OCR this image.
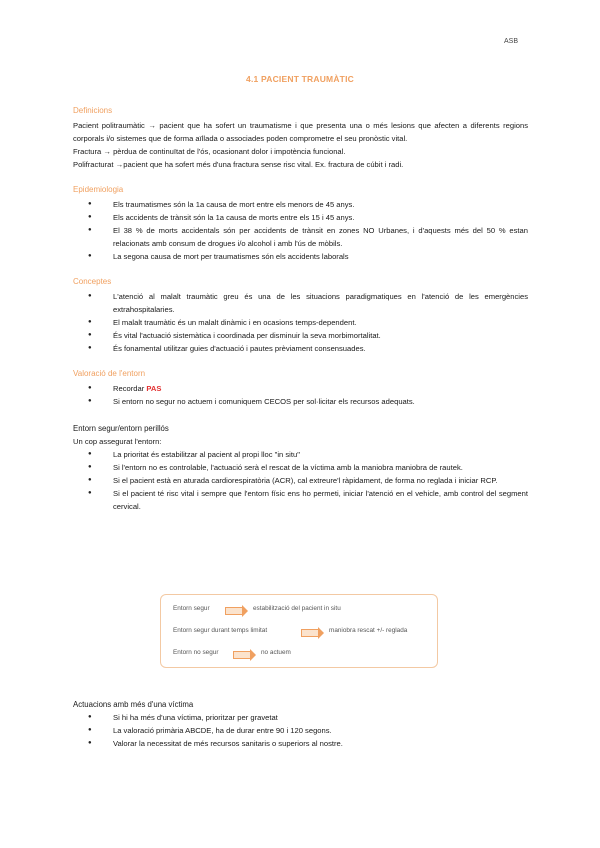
ASB
4.1 PACIENT TRAUMÀTIC
Definicions

Pacient politraumàtic → pacient que ha sofert un traumatisme i que presenta una o més lesions que afecten a diferents regions corporals i/o sistemes que de forma aïllada o associades poden comprometre el seu pronòstic vital.

Fractura → pèrdua de continuïtat de l'ós, ocasionant dolor i impotència funcional.

Polifracturat →pacient que ha sofert més d'una fractura sense risc vital. Ex. fractura de cúbit i radi.

Epidemiologia
● Els traumatismes són la 1a causa de mort entre els menors de 45 anys.
● Els accidents de trànsit són la 1a causa de morts entre els 15 i 45 anys.
● El 38 % de morts accidentals són per accidents de trànsit en zones NO Urbanes, i d'aquests més del 50 % estan relacionats amb consum de drogues i/o alcohol i amb l'ús de mòbils.
● La segona causa de mort per traumatismes són els accidents laborals
Conceptes
● L'atenció al malalt traumàtic greu és una de les situacions paradigmatiques en l'atenció de les emergències extrahospitalaries.
● El malalt traumàtic és un malalt dinàmic i en ocasions temps-dependent.
● És vital l'actuació sistemàtica i coordinada per disminuir la seva morbimortalitat.
● És fonamental utilitzar guies d'actuació i pautes prèviament consensuades.
Valoració de l'entorn
● Recordar PAS
● Si entorn no segur no actuem i comuniquem CECOS per sol·licitar els recursos adequats.
Entorn segur/entorn perillós

Un cop assegurat l'entorn:

● La prioritat és estabilitzar al pacient al propi lloc "in situ"
● Si l'entorn no es controlable, l'actuació serà el rescat de la víctima amb la maniobra maniobra de rautek.
● Si el pacient està en aturada cardiorespiratòria (ACR), cal extreure'l ràpidament, de forma no reglada i iniciar RCP.
● Si el pacient té risc vital i sempre que l'entorn físic ens ho permeti, iniciar l'atenció en el vehicle, amb control del segment cervical.
Entorn segur	estabilització del pacient in situ
Entorn segur durant temps limitat	maniobra rescat +/- reglada
Entorn no segur	no actuem
Actuacions amb més d'una víctima
● Si hi ha més d'una víctima, prioritzar per gravetat
● La valoració primària ABCDE, ha de durar entre 90 i 120 segons.
● Valorar la necessitat de més recursos sanitaris o superiors al nostre.
